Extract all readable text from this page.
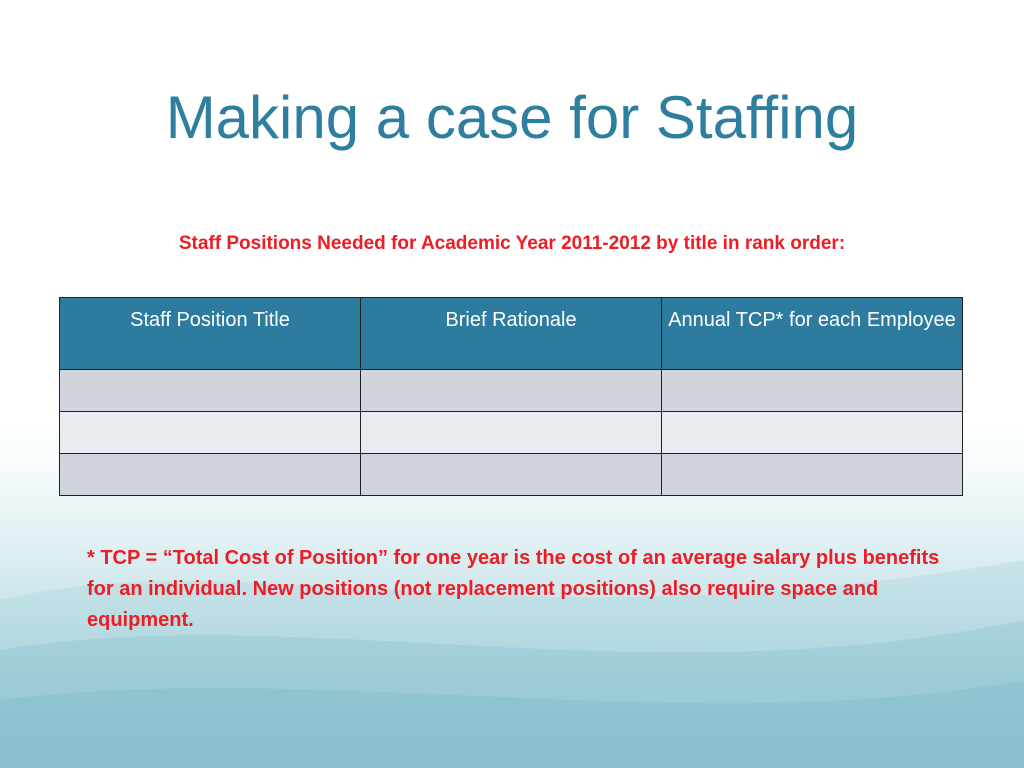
Making a case for Staffing
Staff Positions Needed for Academic Year 2011-2012 by title in rank order:
Staff Position Title	Brief Rationale	Annual TCP* for each Employee

* TCP = “Total Cost of Position” for one year is the cost of an average salary plus benefits for an individual. New positions (not replacement positions) also require space and equipment.
